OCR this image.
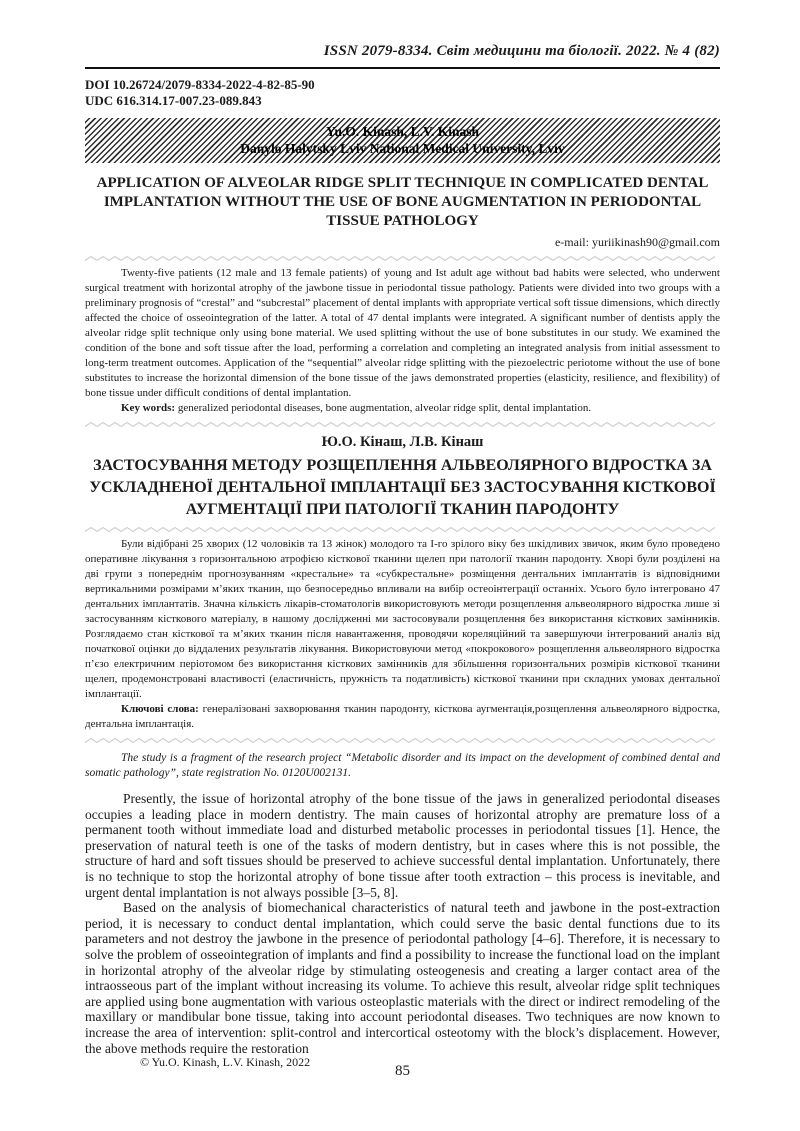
ISSN 2079-8334. Світ медицини та біології. 2022. № 4 (82)
DOI 10.26724/2079-8334-2022-4-82-85-90
UDC 616.314.17-007.23-089.843
Yu.O. Kinash, L.V. Kinash
Danylo Halytsky Lviv National Medical University, Lviv
APPLICATION OF ALVEOLAR RIDGE SPLIT TECHNIQUE IN COMPLICATED DENTAL IMPLANTATION WITHOUT THE USE OF BONE AUGMENTATION IN PERIODONTAL TISSUE PATHOLOGY
e-mail: yuriikinash90@gmail.com

Twenty-five patients (12 male and 13 female patients) of young and Ist adult age without bad habits were selected, who underwent surgical treatment with horizontal atrophy of the jawbone tissue in periodontal tissue pathology. Patients were divided into two groups with a preliminary prognosis of “crestal” and “subcrestal” placement of dental implants with appropriate vertical soft tissue dimensions, which directly affected the choice of osseointegration of the latter. A total of 47 dental implants were integrated. A significant number of dentists apply the alveolar ridge split technique only using bone material. We used splitting without the use of bone substitutes in our study. We examined the condition of the bone and soft tissue after the load, performing a correlation and completing an integrated analysis from initial assessment to long-term treatment outcomes. Application of the “sequential” alveolar ridge splitting with the piezoelectric periotome without the use of bone substitutes to increase the horizontal dimension of the bone tissue of the jaws demonstrated properties (elasticity, resilience, and flexibility) of bone tissue under difficult conditions of dental implantation.

Key words: generalized periodontal diseases, bone augmentation, alveolar ridge split, dental implantation.

Ю.О. Кінаш, Л.В. Кінаш
ЗАСТОСУВАННЯ МЕТОДУ РОЗЩЕПЛЕННЯ АЛЬВЕОЛЯРНОГО ВІДРОСТКА ЗА УСКЛАДНЕНОЇ ДЕНТАЛЬНОЇ ІМПЛАНТАЦІЇ БЕЗ ЗАСТОСУВАННЯ КІСТКОВОЇ АУГМЕНТАЦІЇ ПРИ ПАТОЛОГІЇ ТКАНИН ПАРОДОНТУ

Були відібрані 25 хворих (12 чоловіків та 13 жінок) молодого та І-го зрілого віку без шкідливих звичок, яким було проведено оперативне лікування з горизонтальною атрофією кісткової тканини щелеп при патології тканин пародонту. Хворі були розділені на дві групи з попереднім прогнозуванням «крестальне» та «субкрестальне» розміщення дентальних імплантатів із відповідними вертикальними розмірами м’яких тканин, що безпосередньо впливали на вибір остеоінтеграції останніх. Усього було інтегровано 47 дентальних імплантатів. Значна кількість лікарів-стоматологів використовують методи розщеплення альвеолярного відростка лише зі застосуванням кісткового матеріалу, в нашому дослідженні ми застосовували розщеплення без використання кісткових замінників. Розглядаємо стан кісткової та м’яких тканин після навантаження, проводячи кореляційний та завершуючи інтегрований аналіз від початкової оцінки до віддалених результатів лікування. Використовуючи метод «покрокового» розщеплення альвеолярного відростка п’єзо електричним періотомом без використання кісткових замінників для збільшення горизонтальних розмірів кісткової тканини щелеп, продемонстровані властивості (еластичність, пружність та податливість) кісткової тканини при складних умовах дентальної імплантації.

Ключові слова: генералізовані захворювання тканин пародонту, кісткова аугментація,розщеплення альвеолярного відростка, дентальна імплантація.

The study is a fragment of the research project “Metabolic disorder and its impact on the development of combined dental and somatic pathology”, state registration No. 0120U002131.

Presently, the issue of horizontal atrophy of the bone tissue of the jaws in generalized periodontal diseases occupies a leading place in modern dentistry. The main causes of horizontal atrophy are premature loss of a permanent tooth without immediate load and disturbed metabolic processes in periodontal tissues [1]. Hence, the preservation of natural teeth is one of the tasks of modern dentistry, but in cases where this is not possible, the structure of hard and soft tissues should be preserved to achieve successful dental implantation. Unfortunately, there is no technique to stop the horizontal atrophy of bone tissue after tooth extraction – this process is inevitable, and urgent dental implantation is not always possible [3–5, 8].

Based on the analysis of biomechanical characteristics of natural teeth and jawbone in the post-extraction period, it is necessary to conduct dental implantation, which could serve the basic dental functions due to its parameters and not destroy the jawbone in the presence of periodontal pathology [4–6]. Therefore, it is necessary to solve the problem of osseointegration of implants and find a possibility to increase the functional load on the implant in horizontal atrophy of the alveolar ridge by stimulating osteogenesis and creating a larger contact area of the intraosseous part of the implant without increasing its volume. To achieve this result, alveolar ridge split techniques are applied using bone augmentation with various osteoplastic materials with the direct or indirect remodeling of the maxillary or mandibular bone tissue, taking into account periodontal diseases. Two techniques are now known to increase the area of intervention: split-control and intercortical osteotomy with the block’s displacement. However, the above methods require the restoration

© Yu.O. Kinash, L.V. Kinash, 2022
85
